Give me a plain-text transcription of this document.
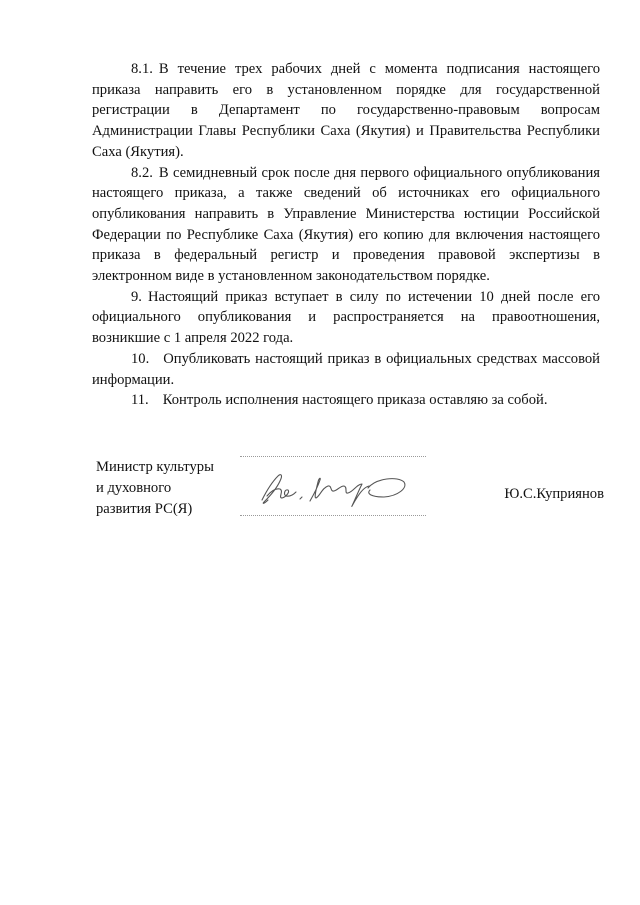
8.1. В течение трех рабочих дней с момента подписания настоящего приказа направить его в установленном порядке для государственной регистрации в Департамент по государственно-правовым вопросам Администрации Главы Республики Саха (Якутия) и Правительства Республики Саха (Якутия).

8.2. В семидневный срок после дня первого официального опубликования настоящего приказа, а также сведений об источниках его официального опубликования направить в Управление Министерства юстиции Российской Федерации по Республике Саха (Якутия) его копию для включения настоящего приказа в федеральный регистр и проведения правовой экспертизы в электронном виде в установленном законодательством порядке.

9. Настоящий приказ вступает в силу по истечении 10 дней после его официального опубликования и распространяется на правоотношения, возникшие с 1 апреля 2022 года.

10. Опубликовать настоящий приказ в официальных средствах массовой информации.

11. Контроль исполнения настоящего приказа оставляю за собой.

Министр культуры
и духовного
развития РС(Я)
Ю.С.Куприянов
